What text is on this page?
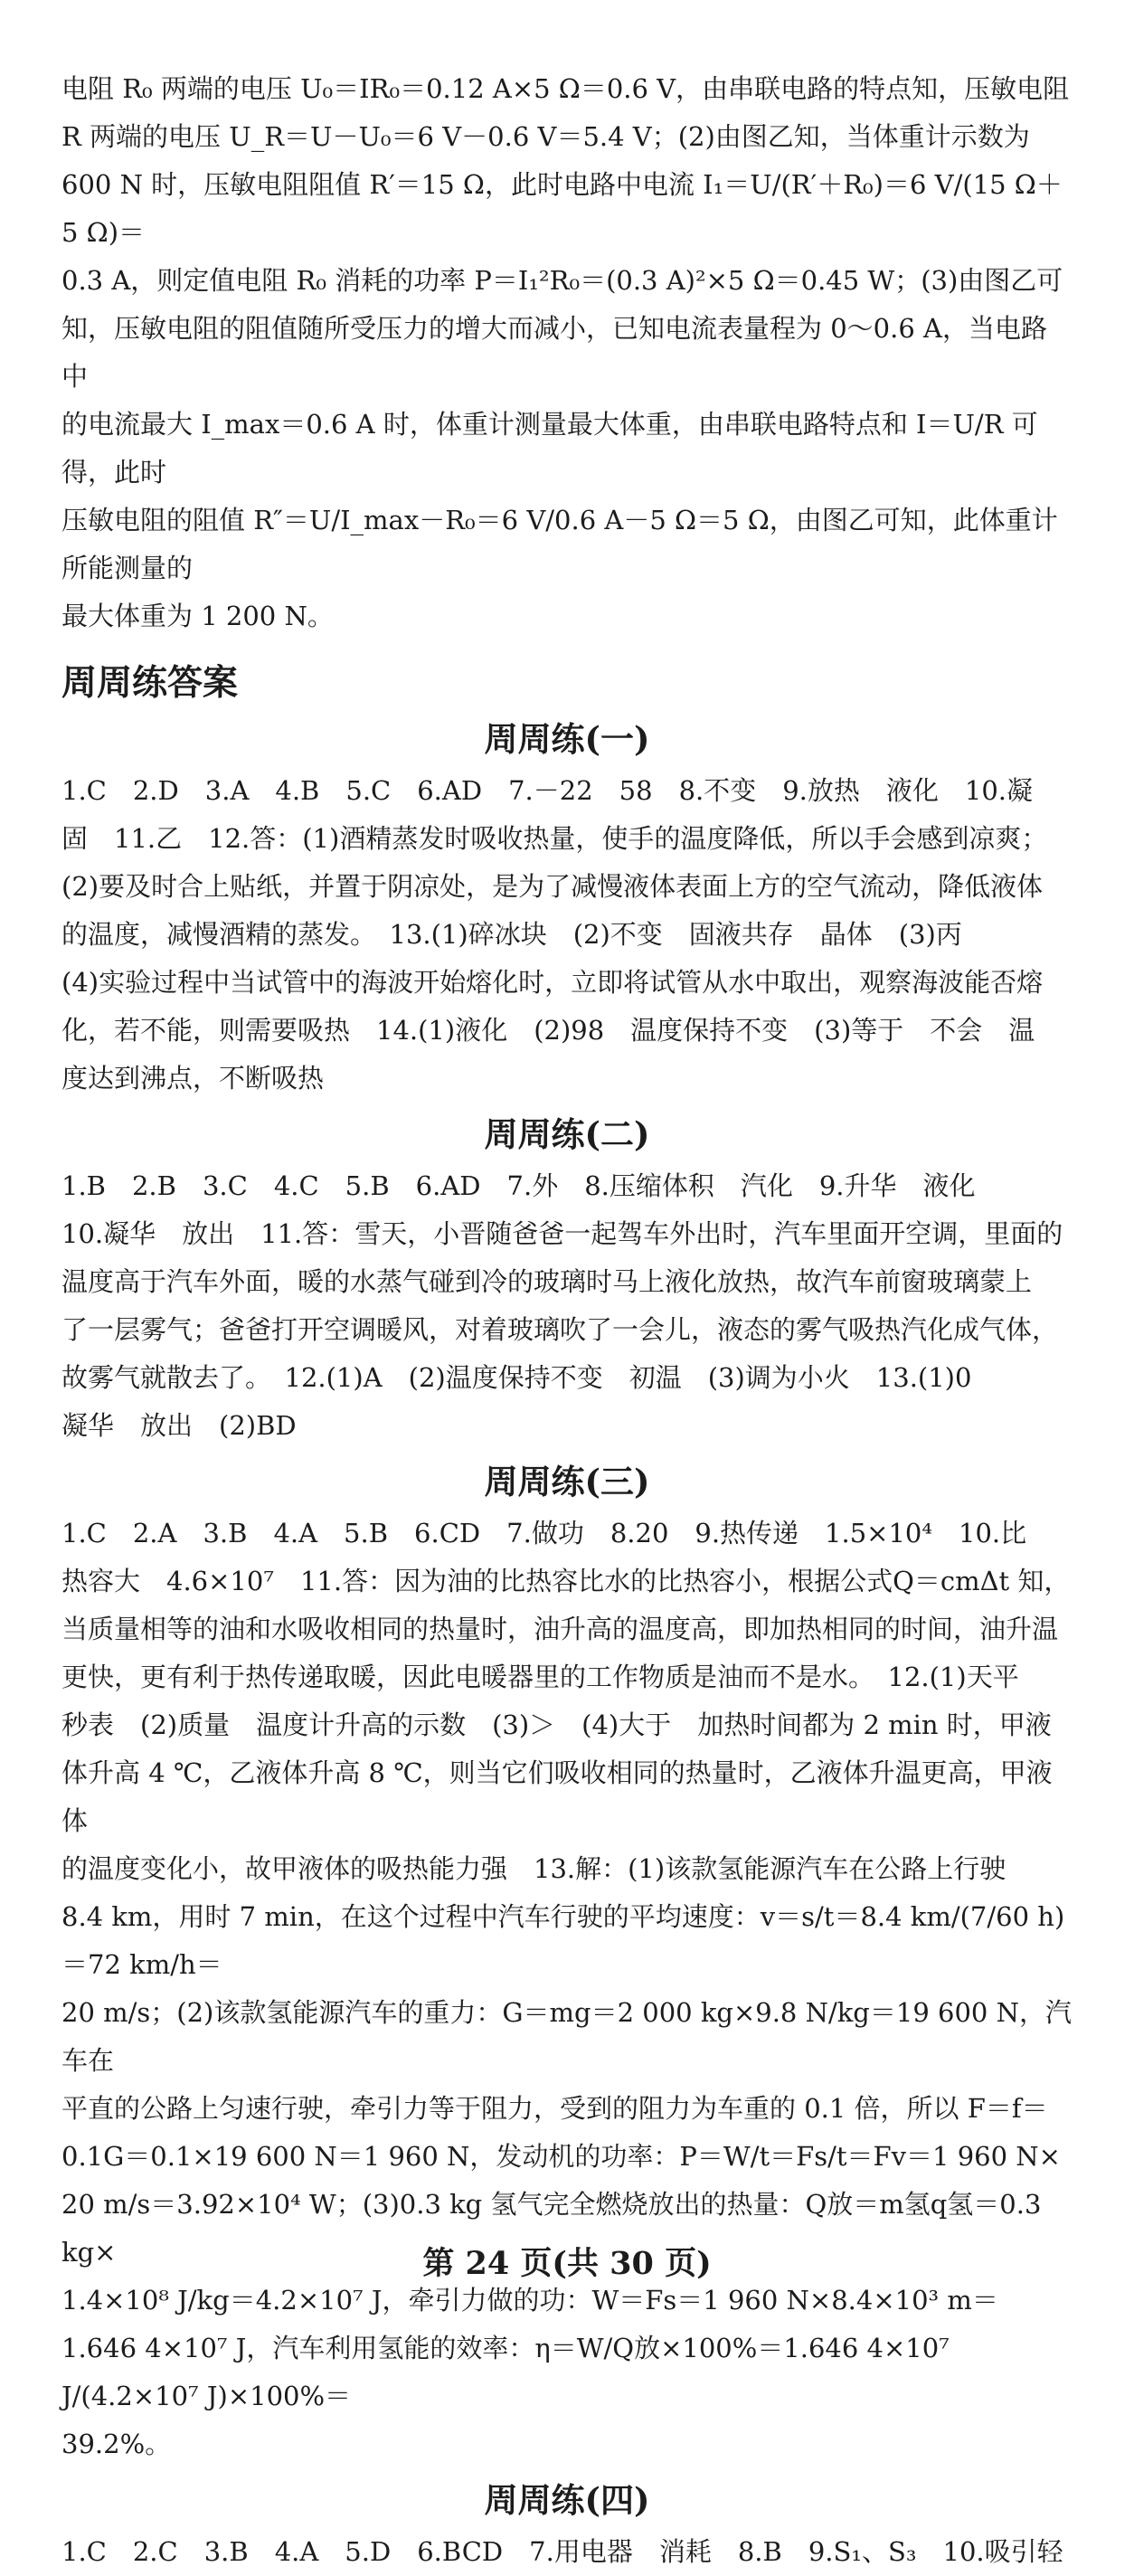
电阻 R₀ 两端的电压 U₀＝IR₀＝0.12 A×5 Ω＝0.6 V，由串联电路的特点知，压敏电阻

R 两端的电压 U_R＝U－U₀＝6 V－0.6 V＝5.4 V；(2)由图乙知，当体重计示数为

600 N 时，压敏电阻阻值 R′＝15 Ω，此时电路中电流 I₁＝U/(R′＋R₀)＝6 V/(15 Ω＋5 Ω)＝

0.3 A，则定值电阻 R₀ 消耗的功率 P＝I₁²R₀＝(0.3 A)²×5 Ω＝0.45 W；(3)由图乙可

知，压敏电阻的阻值随所受压力的增大而减小，已知电流表量程为 0～0.6 A，当电路中

的电流最大 I_max＝0.6 A 时，体重计测量最大体重，由串联电路特点和 I＝U/R 可得，此时

压敏电阻的阻值 R″＝U/I_max－R₀＝6 V/0.6 A－5 Ω＝5 Ω，由图乙可知，此体重计所能测量的

最大体重为 1 200 N。

周周练答案
周周练(一)

1.C　2.D　3.A　4.B　5.C　6.AD　7.－22　58　8.不变　9.放热　液化　10.凝

固　11.乙　12.答：(1)酒精蒸发时吸收热量，使手的温度降低，所以手会感到凉爽；

(2)要及时合上贴纸，并置于阴凉处，是为了减慢液体表面上方的空气流动，降低液体

的温度，减慢酒精的蒸发。　13.(1)碎冰块　(2)不变　固液共存　晶体　(3)丙

(4)实验过程中当试管中的海波开始熔化时，立即将试管从水中取出，观察海波能否熔

化，若不能，则需要吸热　14.(1)液化　(2)98　温度保持不变　(3)等于　不会　温

度达到沸点，不断吸热

周周练(二)

1.B　2.B　3.C　4.C　5.B　6.AD　7.外　8.压缩体积　汽化　9.升华　液化

10.凝华　放出　11.答：雪天，小晋随爸爸一起驾车外出时，汽车里面开空调，里面的

温度高于汽车外面，暖的水蒸气碰到冷的玻璃时马上液化放热，故汽车前窗玻璃蒙上

了一层雾气；爸爸打开空调暖风，对着玻璃吹了一会儿，液态的雾气吸热汽化成气体，

故雾气就散去了。　12.(1)A　(2)温度保持不变　初温　(3)调为小火　13.(1)0

凝华　放出　(2)BD

周周练(三)

1.C　2.A　3.B　4.A　5.B　6.CD　7.做功　8.20　9.热传递　1.5×10⁴　10.比

热容大　4.6×10⁷　11.答：因为油的比热容比水的比热容小，根据公式Q＝cmΔt 知，

当质量相等的油和水吸收相同的热量时，油升高的温度高，即加热相同的时间，油升温

更快，更有利于热传递取暖，因此电暖器里的工作物质是油而不是水。　12.(1)天平

秒表　(2)质量　温度计升高的示数　(3)＞　(4)大于　加热时间都为 2 min 时，甲液

体升高 4 ℃，乙液体升高 8 ℃，则当它们吸收相同的热量时，乙液体升温更高，甲液体

的温度变化小，故甲液体的吸热能力强　13.解：(1)该款氢能源汽车在公路上行驶

8.4 km，用时 7 min，在这个过程中汽车行驶的平均速度：v＝s/t＝8.4 km/(7/60 h)＝72 km/h＝

20 m/s；(2)该款氢能源汽车的重力：G＝mg＝2 000 kg×9.8 N/kg＝19 600 N，汽车在

平直的公路上匀速行驶，牵引力等于阻力，受到的阻力为车重的 0.1 倍，所以 F＝f＝

0.1G＝0.1×19 600 N＝1 960 N，发动机的功率：P＝W/t＝Fs/t＝Fv＝1 960 N×

20 m/s＝3.92×10⁴ W；(3)0.3 kg 氢气完全燃烧放出的热量：Q放＝m氢q氢＝0.3 kg×

1.4×10⁸ J/kg＝4.2×10⁷ J，牵引力做的功：W＝Fs＝1 960 N×8.4×10³ m＝

1.646 4×10⁷ J，汽车利用氢能的效率：η＝W/Q放×100%＝1.646 4×10⁷ J/(4.2×10⁷ J)×100%＝

39.2%。

周周练(四)

1.C　2.C　3.B　4.A　5.D　6.BCD　7.用电器　消耗　8.B　9.S₁、S₃　10.吸引轻

第 24 页(共 30 页)
